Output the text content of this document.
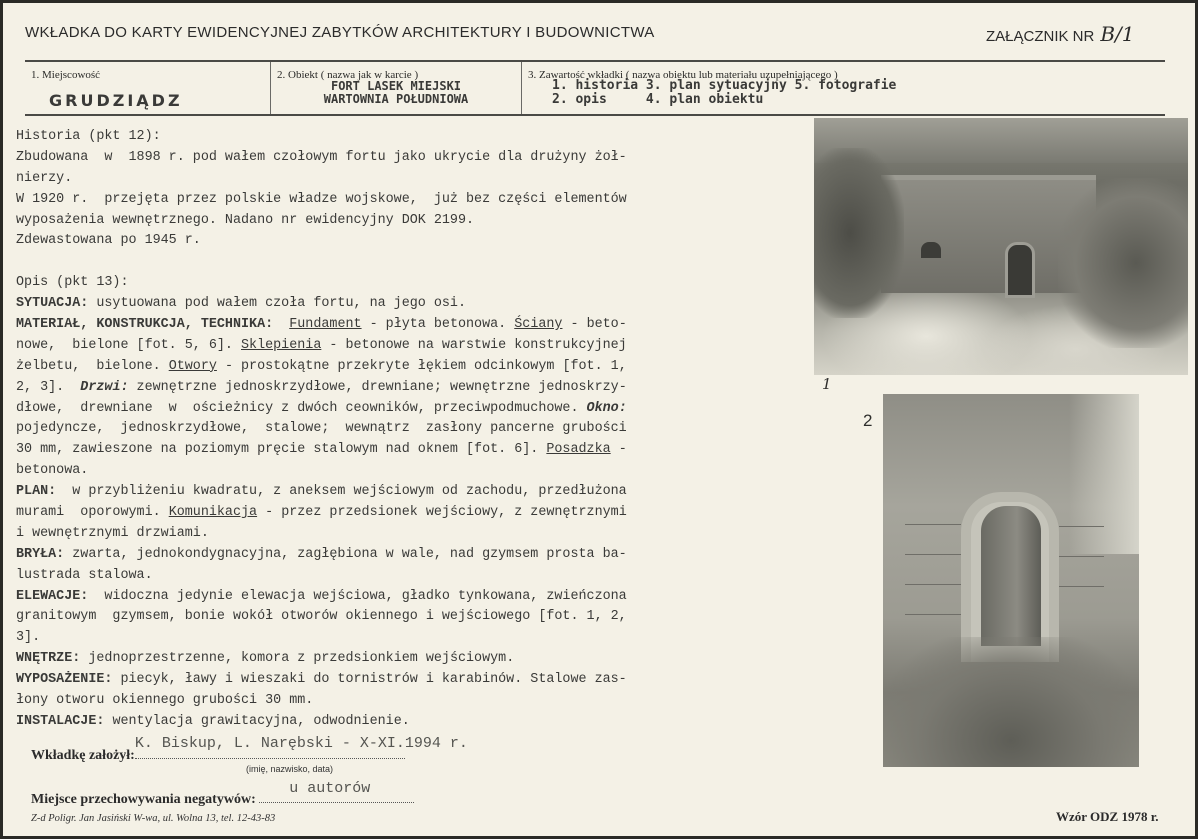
WKŁADKA DO KARTY EWIDENCYJNEJ ZABYTKÓW ARCHITEKTURY I BUDOWNICTWA	ZAŁĄCZNIK NR B/1
1. Miejscowość
GRUDZIĄDZ
2. Obiekt ( nazwa jak w karcie )
FORT LASEK MIEJSKI
WARTOWNIA POŁUDNIOWA
3. Zawartość wkładki ( nazwa obiektu lub materiału uzupełniającego )
1. historia 3. plan sytuacyjny 5. fotografie
2. opis     4. plan obiektu
Historia (pkt 12):
Zbudowana  w  1898 r. pod wałem czołowym fortu jako ukrycie dla drużyny żoł-
nierzy.
W 1920 r.  przejęta przez polskie władze wojskowe,  już bez części elementów
wyposażenia wewnętrznego. Nadano nr ewidencyjny DOK 2199.
Zdewastowana po 1945 r.
Opis (pkt 13):
SYTUACJA: usytuowana pod wałem czoła fortu, na jego osi.
MATERIAŁ, KONSTRUKCJA, TECHNIKA: Fundament - płyta betonowa. Ściany - beto-
nowe,  bielone [fot. 5, 6]. Sklepienia - betonowe na warstwie konstrukcyjnej
żelbetu,  bielone. Otwory - prostokątne przekryte łękiem odcinkowym [fot. 1,
2, 3].  Drzwi: zewnętrzne jednoskrzydłowe, drewniane; wewnętrzne jednoskrzy-
dłowe,  drewniane  w  ościeżnicy z dwóch ceowników, przeciwpodmuchowe. Okno:
pojedyncze,  jednoskrzydłowe,  stalowe;  wewnątrz  zasłony pancerne grubości
30 mm, zawieszone na poziomym pręcie stalowym nad oknem [fot. 6]. Posadzka -
betonowa.
PLAN:  w przybliżeniu kwadratu, z aneksem wejściowym od zachodu, przedłużona
murami  oporowymi. Komunikacja - przez przedsionek wejściowy, z zewnętrznymi
i wewnętrznymi drzwiami.
BRYŁA: zwarta, jednokondygnacyjna, zagłębiona w wale, nad gzymsem prosta ba-
lustrada stalowa.
ELEWACJE:  widoczna jedynie elewacja wejściowa, gładko tynkowana, zwieńczona
granitowym  gzymsem, bonie wokół otworów okiennego i wejściowego [fot. 1, 2,
3].
WNĘTRZE: jednoprzestrzenne, komora z przedsionkiem wejściowym.
WYPOSAŻENIE: piecyk, ławy i wieszaki do tornistrów i karabinów. Stalowe zas-
łony otworu okiennego grubości 30 mm.
INSTALACJE: wentylacja grawitacyjna, odwodnienie.
1
2
Wkładkę założył:
K. Biskup, L. Narębski - X-XI.1994 r.
(imię, nazwisko, data)
Miejsce przechowywania negatywów:
u autorów
Z-d Poligr. Jan Jasiński W-wa, ul. Wolna 13, tel. 12-43-83	Wzór ODZ 1978 r.
